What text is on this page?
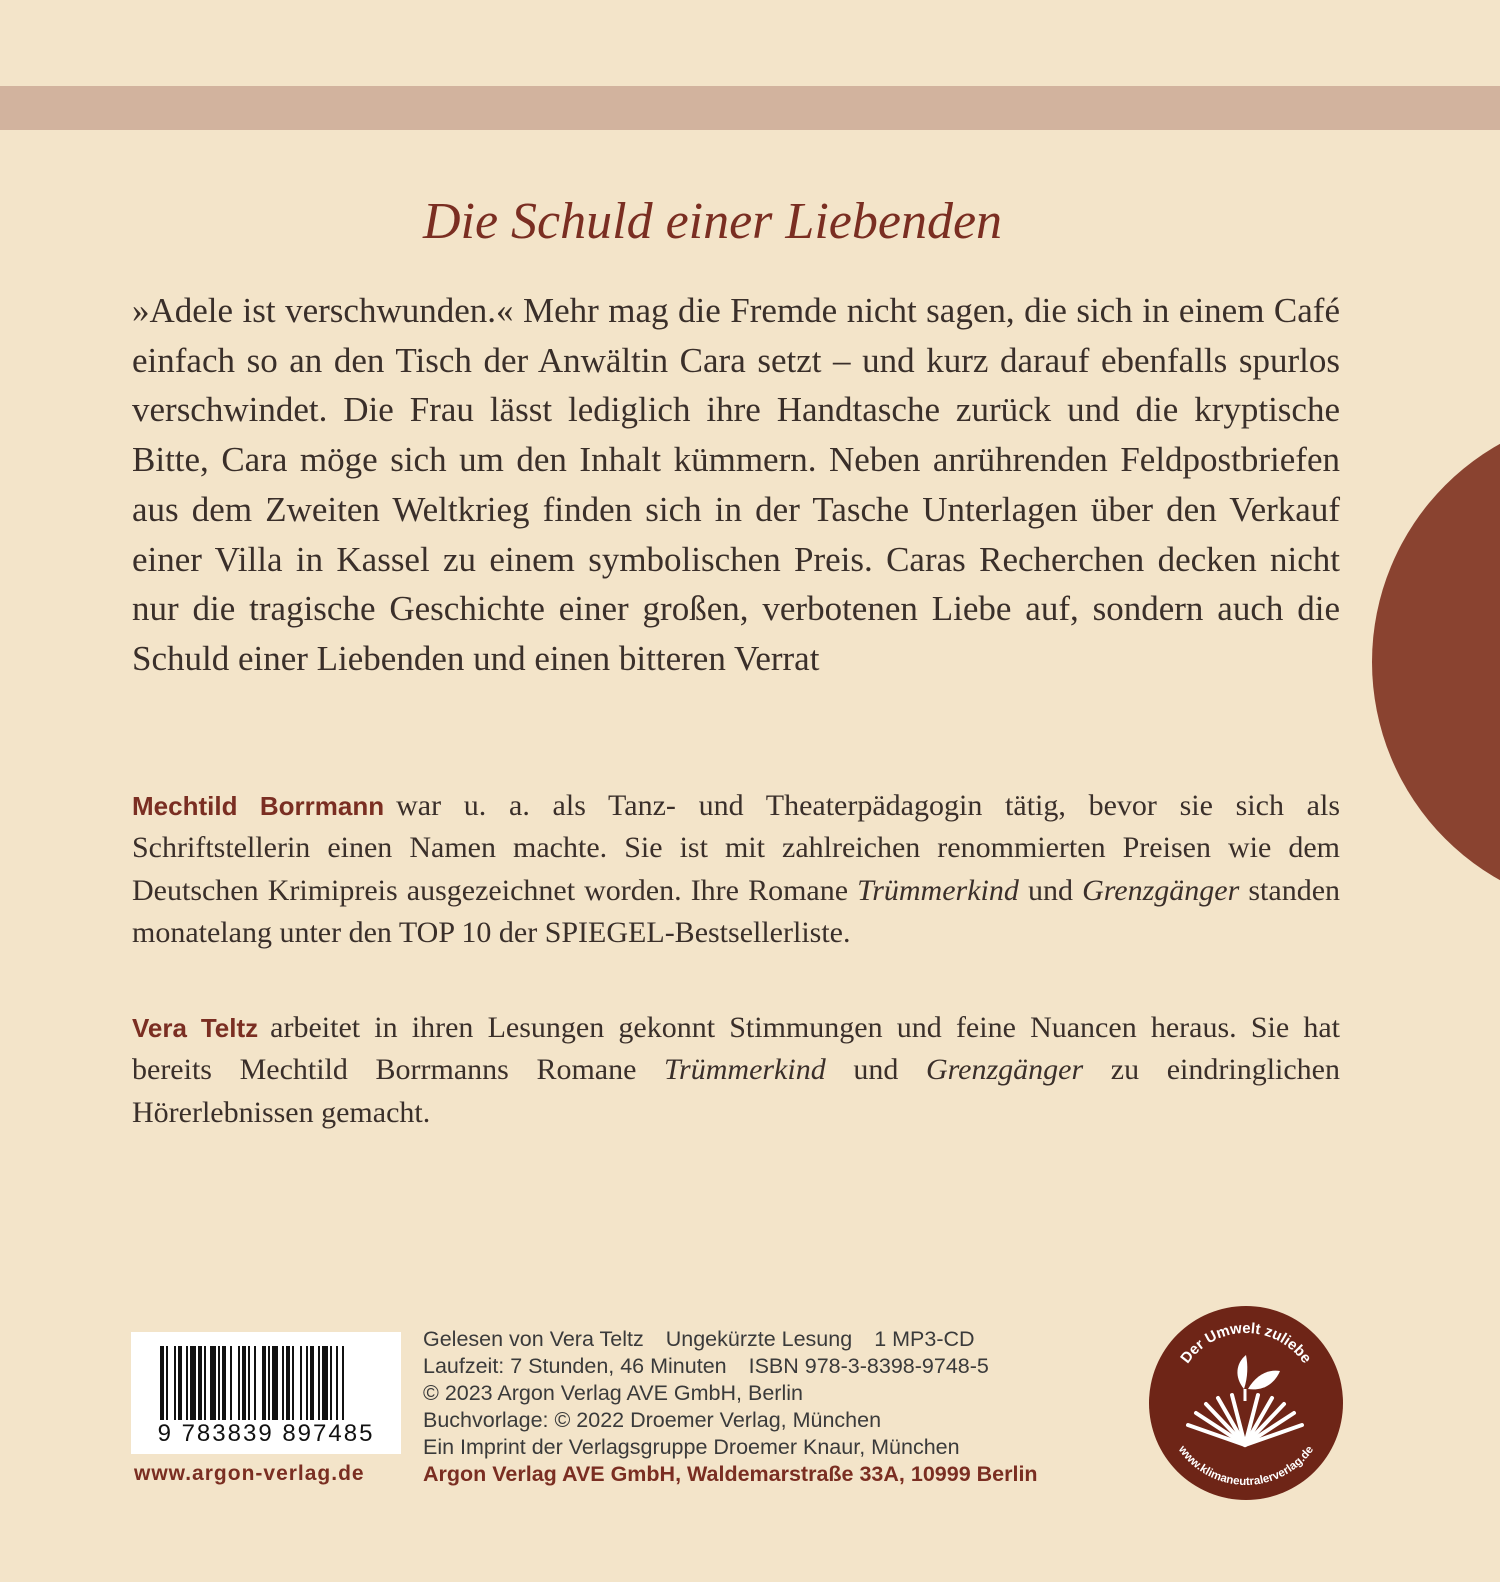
Die Schuld einer Liebenden

»Adele ist verschwunden.« Mehr mag die Fremde nicht sagen, die sich in einem Café einfach so an den Tisch der Anwältin Cara setzt – und kurz darauf ebenfalls spurlos verschwindet. Die Frau lässt lediglich ihre Handtasche zurück und die kryptische Bitte, Cara möge sich um den Inhalt kümmern. Neben anrührenden Feldpostbriefen aus dem Zweiten Weltkrieg finden sich in der Tasche Unterlagen über den Verkauf einer Villa in Kassel zu einem symbolischen Preis. Caras Recherchen decken nicht nur die tragische Geschichte einer großen, verbotenen Liebe auf, sondern auch die Schuld einer Liebenden und einen bitteren Verrat

Mechtild Borrmann war u. a. als Tanz- und Theaterpädagogin tätig, bevor sie sich als Schriftstellerin einen Namen machte. Sie ist mit zahlreichen renommierten Preisen wie dem Deutschen Krimipreis ausgezeichnet worden. Ihre Romane Trümmerkind und Grenzgänger standen monatelang unter den TOP 10 der SPIEGEL-Bestsellerliste.

Vera Teltz arbeitet in ihren Lesungen gekonnt Stimmungen und feine Nuancen heraus. Sie hat bereits Mechtild Borrmanns Romane Trümmerkind und Grenzgänger zu eindringlichen Hörerlebnissen gemacht.

9 783839 897485
www.argon-verlag.de
Gelesen von Vera Teltz Ungekürzte Lesung 1 MP3-CD
Laufzeit: 7 Stunden, 46 Minuten ISBN 978-3-8398-9748-5
© 2023 Argon Verlag AVE GmbH, Berlin
Buchvorlage: © 2022 Droemer Verlag, München
Ein Imprint der Verlagsgruppe Droemer Knaur, München
Argon Verlag AVE GmbH, Waldemarstraße 33A, 10999 Berlin
Der Umwelt zuliebe
www.klimaneutralerverlag.de
